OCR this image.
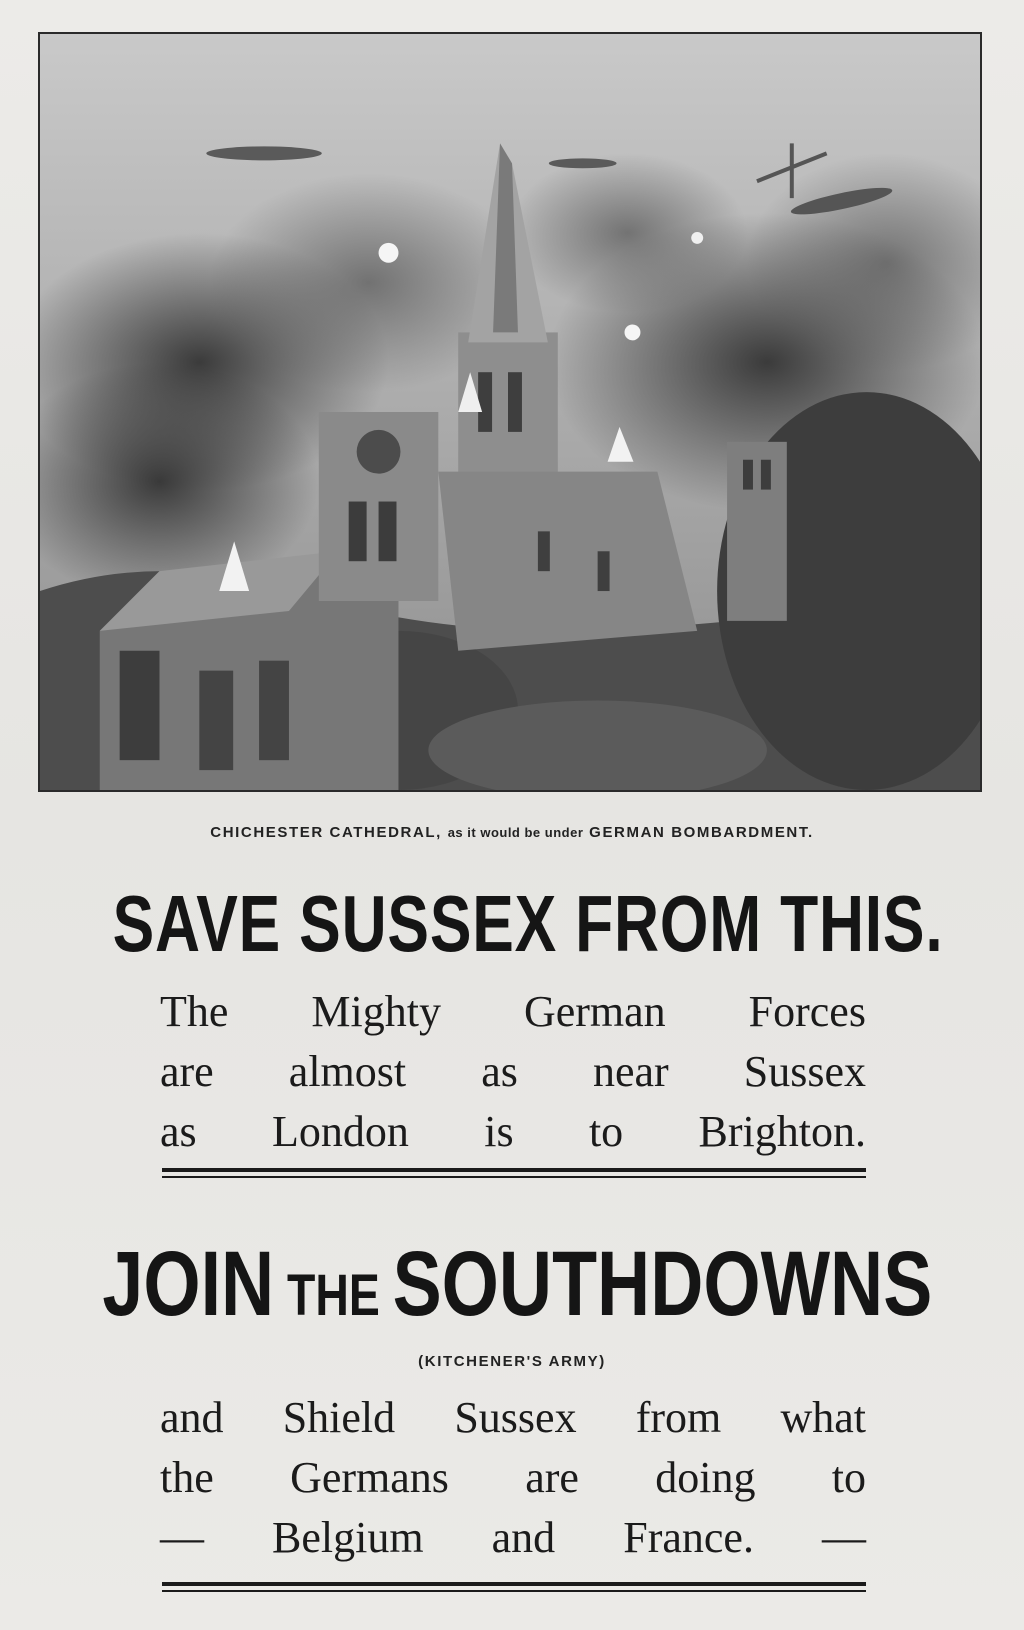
CHICHESTER CATHEDRAL, as it would be under GERMAN BOMBARDMENT.
SAVE SUSSEX FROM THIS.
The Mighty German Forces
are almost as near Sussex
as London is to Brighton.
JOIN THE SOUTHDOWNS
(KITCHENER'S ARMY)
and Shield Sussex from what
the Germans are doing to
— Belgium and France. —
